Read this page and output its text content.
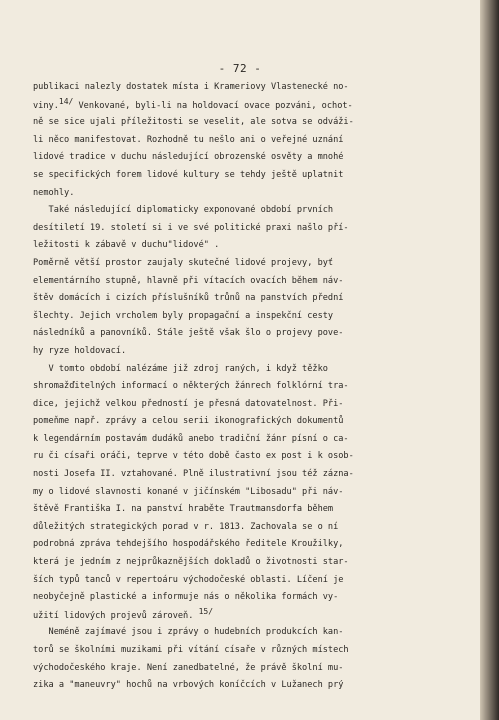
- 72 -
publikaci nalezly dostatek místa i Krameriovy Vlastenecké no-
viny.14/ Venkované, byli-li na holdovací ovace pozváni, ochot-
ně se sice ujali příležitosti se veselit, ale sotva se odváži-
li něco manifestovat. Rozhodně tu nešlo ani o veřejné uznání
lidové tradice v duchu následující obrozenské osvěty a mnohé
se specifických forem lidové kultury se tehdy ještě uplatnit
nemohly.
Také následující diplomaticky exponované období prvních
desítiletí 19. století si i ve své politické praxi našlo pří-
ležitosti k zábavě v duchu"lidové" .
Poměrně větší prostor zaujaly skutečné lidové projevy, byť
elementárního stupně, hlavně při vítacích ovacích během náv-
štěv domácích i cizích příslušníků trůnů na panstvích přední
šlechty. Jejich vrcholem byly propagační a inspekční cesty
následníků a panovníků. Stále ještě však šlo o projevy pove-
hy ryze holdovací.
V tomto období nalézáme již zdroj raných, i když těžko
shromažďitelných informací o některých žánrech folklórní tra-
dice, jejichž velkou předností je přesná datovatelnost. Při-
pomeňme např. zprávy a celou serii ikonografických dokumentů
k legendárním postavám dudáků anebo tradiční žánr písní o ca-
ru či císaři oráči, teprve v této době často ex post i k osob-
nosti Josefa II. vztahované. Plně ilustrativní jsou též zázna-
my o lidové slavnosti konané v jičínském "Libosadu" při náv-
štěvě Františka I. na panství hraběte Trautmansdorfa během
důležitých strategických porad v r. 1813. Zachovala se o ní
podrobná zpráva tehdejšího hospodářského ředitele Kroužilky,
která je jedním z nejprůkaznějších dokladů o životnosti star-
ších typů tanců v repertoáru východočeské oblasti. Líčení je
neobyčejně plastické a informuje nás o několika formách vy-
užití lidových projevů zároveň. 15/
Neméně zajímavé jsou i zprávy o hudebních produkcích kan-
torů se školními muzikami při vítání císaře v různých místech
východočeského kraje. Není zanedbatelné, že právě školní mu-
zika a "maneuvry" hochů na vrbových koníčcích v Lužanech prý
